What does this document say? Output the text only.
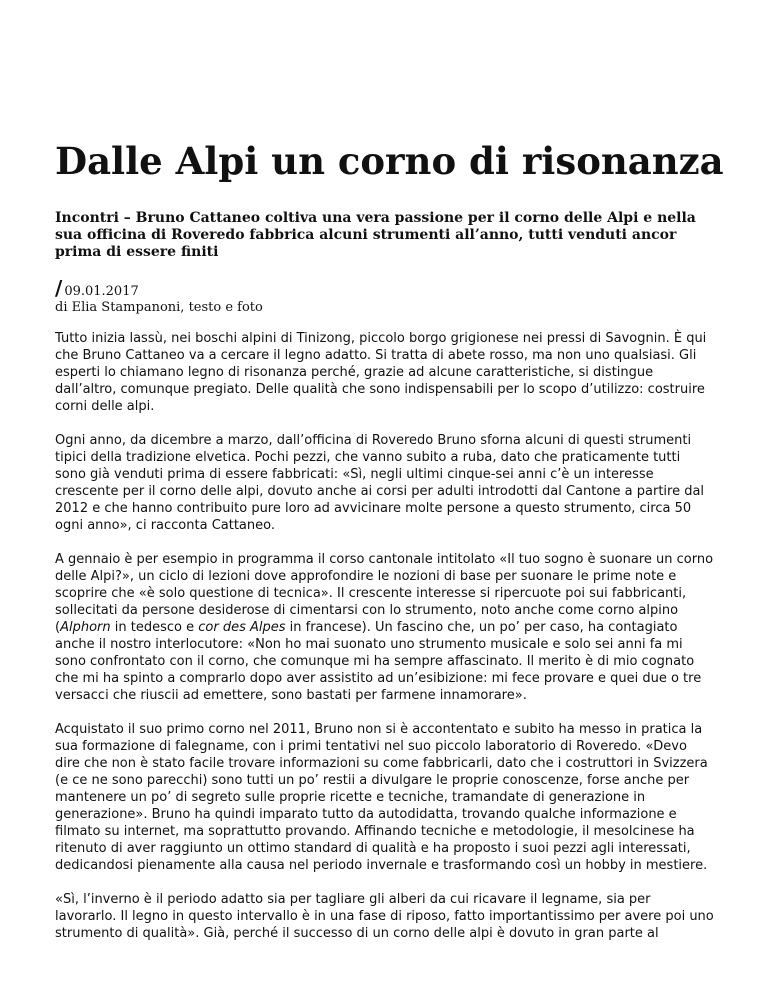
Dalle Alpi un corno di risonanza

Incontri – Bruno Cattaneo coltiva una vera passione per il corno delle Alpi e nella sua officina di Roveredo fabbrica alcuni strumenti all’anno, tutti venduti ancor prima di essere finiti

/ 09.01.2017
di Elia Stampanoni, testo e foto

Tutto inizia lassù, nei boschi alpini di Tinizong, piccolo borgo grigionese nei pressi di Savognin. È qui che Bruno Cattaneo va a cercare il legno adatto. Si tratta di abete rosso, ma non uno qualsiasi. Gli esperti lo chiamano legno di risonanza perché, grazie ad alcune caratteristiche, si distingue dall’altro, comunque pregiato. Delle qualità che sono indispensabili per lo scopo d’utilizzo: costruire corni delle alpi.

Ogni anno, da dicembre a marzo, dall’officina di Roveredo Bruno sforna alcuni di questi strumenti tipici della tradizione elvetica. Pochi pezzi, che vanno subito a ruba, dato che praticamente tutti sono già venduti prima di essere fabbricati: «Sì, negli ultimi cinque-sei anni c’è un interesse crescente per il corno delle alpi, dovuto anche ai corsi per adulti introdotti dal Cantone a partire dal 2012 e che hanno contribuito pure loro ad avvicinare molte persone a questo strumento, circa 50 ogni anno», ci racconta Cattaneo.

A gennaio è per esempio in programma il corso cantonale intitolato «Il tuo sogno è suonare un corno delle Alpi?», un ciclo di lezioni dove approfondire le nozioni di base per suonare le prime note e scoprire che «è solo questione di tecnica». Il crescente interesse si ripercuote poi sui fabbricanti, sollecitati da persone desiderose di cimentarsi con lo strumento, noto anche come corno alpino (Alphorn in tedesco e cor des Alpes in francese). Un fascino che, un po’ per caso, ha contagiato anche il nostro interlocutore: «Non ho mai suonato uno strumento musicale e solo sei anni fa mi sono confrontato con il corno, che comunque mi ha sempre affascinato. Il merito è di mio cognato che mi ha spinto a comprarlo dopo aver assistito ad un’esibizione: mi fece provare e quei due o tre versacci che riuscii ad emettere, sono bastati per farmene innamorare».

Acquistato il suo primo corno nel 2011, Bruno non si è accontentato e subito ha messo in pratica la sua formazione di falegname, con i primi tentativi nel suo piccolo laboratorio di Roveredo. «Devo dire che non è stato facile trovare informazioni su come fabbricarli, dato che i costruttori in Svizzera (e ce ne sono parecchi) sono tutti un po’ restii a divulgare le proprie conoscenze, forse anche per mantenere un po’ di segreto sulle proprie ricette e tecniche, tramandate di generazione in generazione». Bruno ha quindi imparato tutto da autodidatta, trovando qualche informazione e filmato su internet, ma soprattutto provando. Affinando tecniche e metodologie, il mesolcinese ha ritenuto di aver raggiunto un ottimo standard di qualità e ha proposto i suoi pezzi agli interessati, dedicandosi pienamente alla causa nel periodo invernale e trasformando così un hobby in mestiere.

«Sì, l’inverno è il periodo adatto sia per tagliare gli alberi da cui ricavare il legname, sia per lavorarlo. Il legno in questo intervallo è in una fase di riposo, fatto importantissimo per avere poi uno strumento di qualità». Già, perché il successo di un corno delle alpi è dovuto in gran parte al
